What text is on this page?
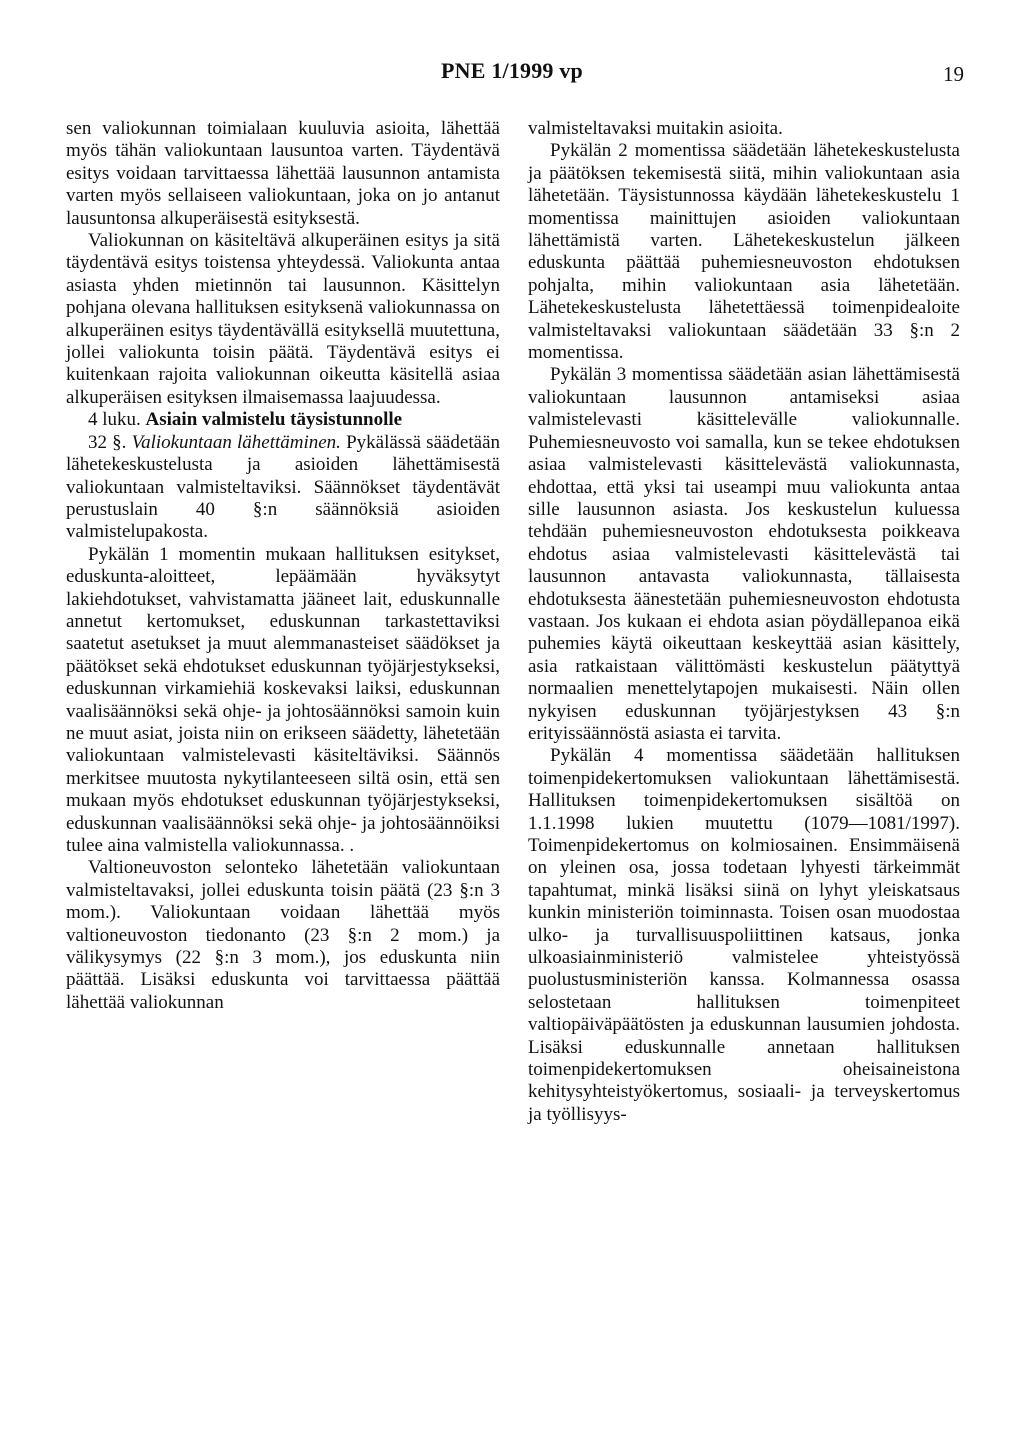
PNE 1/1999 vp	19

sen valiokunnan toimialaan kuuluvia asioita, lähettää myös tähän valiokuntaan lausuntoa varten. Täydentävä esitys voidaan tarvittaessa lähettää lausunnon antamista varten myös sellaiseen valiokuntaan, joka on jo antanut lausuntonsa alkuperäisestä esityksestä.

Valiokunnan on käsiteltävä alkuperäinen esitys ja sitä täydentävä esitys toistensa yhteydessä. Valiokunta antaa asiasta yhden mietinnön tai lausunnon. Käsittelyn pohjana olevana hallituksen esityksenä valiokunnassa on alkuperäinen esitys täydentävällä esityksellä muutettuna, jollei valiokunta toisin päätä. Täydentävä esitys ei kuitenkaan rajoita valiokunnan oikeutta käsitellä asiaa alkuperäisen esityksen ilmaisemassa laajuudessa.

4 luku. Asiain valmistelu täysistunnolle

32 §. Valiokuntaan lähettäminen. Pykälässä säädetään lähetekeskustelusta ja asioiden lähettämisestä valiokuntaan valmisteltaviksi. Säännökset täydentävät perustuslain 40 §:n säännöksiä asioiden valmistelupakosta.

Pykälän 1 momentin mukaan hallituksen esitykset, eduskunta-aloitteet, lepäämään hyväksytyt lakiehdotukset, vahvistamatta jääneet lait, eduskunnalle annetut kertomukset, eduskunnan tarkastettaviksi saatetut asetukset ja muut alemmanasteiset säädökset ja päätökset sekä ehdotukset eduskunnan työjärjestykseksi, eduskunnan virkamiehiä koskevaksi laiksi, eduskunnan vaalisäännöksi sekä ohje- ja johtosäännöksi samoin kuin ne muut asiat, joista niin on erikseen säädetty, lähetetään valiokuntaan valmistelevasti käsiteltäviksi. Säännös merkitsee muutosta nykytilanteeseen siltä osin, että sen mukaan myös ehdotukset eduskunnan työjärjestykseksi, eduskunnan vaalisäännöksi sekä ohje- ja johtosäännöiksi tulee aina valmistella valiokunnassa. .

Valtioneuvoston selonteko lähetetään valiokuntaan valmisteltavaksi, jollei eduskunta toisin päätä (23 §:n 3 mom.). Valiokuntaan voidaan lähettää myös valtioneuvoston tiedonanto (23 §:n 2 mom.) ja välikysymys (22 §:n 3 mom.), jos eduskunta niin päättää. Lisäksi eduskunta voi tarvittaessa päättää lähettää valiokunnan

valmisteltavaksi muitakin asioita.

Pykälän 2 momentissa säädetään lähetekeskustelusta ja päätöksen tekemisestä siitä, mihin valiokuntaan asia lähetetään. Täysistunnossa käydään lähetekeskustelu 1 momentissa mainittujen asioiden valiokuntaan lähettämistä varten. Lähetekeskustelun jälkeen eduskunta päättää puhemiesneuvoston ehdotuksen pohjalta, mihin valiokuntaan asia lähetetään. Lähetekeskustelusta lähetettäessä toimenpidealoite valmisteltavaksi valiokuntaan säädetään 33 §:n 2 momentissa.

Pykälän 3 momentissa säädetään asian lähettämisestä valiokuntaan lausunnon antamiseksi asiaa valmistelevasti käsittelevälle valiokunnalle. Puhemiesneuvosto voi samalla, kun se tekee ehdotuksen asiaa valmistelevasti käsittelevästä valiokunnasta, ehdottaa, että yksi tai useampi muu valiokunta antaa sille lausunnon asiasta. Jos keskustelun kuluessa tehdään puhemiesneuvoston ehdotuksesta poikkeava ehdotus asiaa valmistelevasti käsittelevästä tai lausunnon antavasta valiokunnasta, tällaisesta ehdotuksesta äänestetään puhemiesneuvoston ehdotusta vastaan. Jos kukaan ei ehdota asian pöydällepanoa eikä puhemies käytä oikeuttaan keskeyttää asian käsittely, asia ratkaistaan välittömästi keskustelun päätyttyä normaalien menettelytapojen mukaisesti. Näin ollen nykyisen eduskunnan työjärjestyksen 43 §:n erityissäännöstä asiasta ei tarvita.

Pykälän 4 momentissa säädetään hallituksen toimenpidekertomuksen valiokuntaan lähettämisestä. Hallituksen toimenpidekertomuksen sisältöä on 1.1.1998 lukien muutettu (1079—1081/1997). Toimenpidekertomus on kolmiosainen. Ensimmäisenä on yleinen osa, jossa todetaan lyhyesti tärkeimmät tapahtumat, minkä lisäksi siinä on lyhyt yleiskatsaus kunkin ministeriön toiminnasta. Toisen osan muodostaa ulko- ja turvallisuuspoliittinen katsaus, jonka ulkoasiainministeriö valmistelee yhteistyössä puolustusministeriön kanssa. Kolmannessa osassa selostetaan hallituksen toimenpiteet valtiopäiväpäätösten ja eduskunnan lausumien johdosta. Lisäksi eduskunnalle annetaan hallituksen toimenpidekertomuksen oheisaineistona kehitysyhteistyökertomus, sosiaali- ja terveyskertomus ja työllisyys-
